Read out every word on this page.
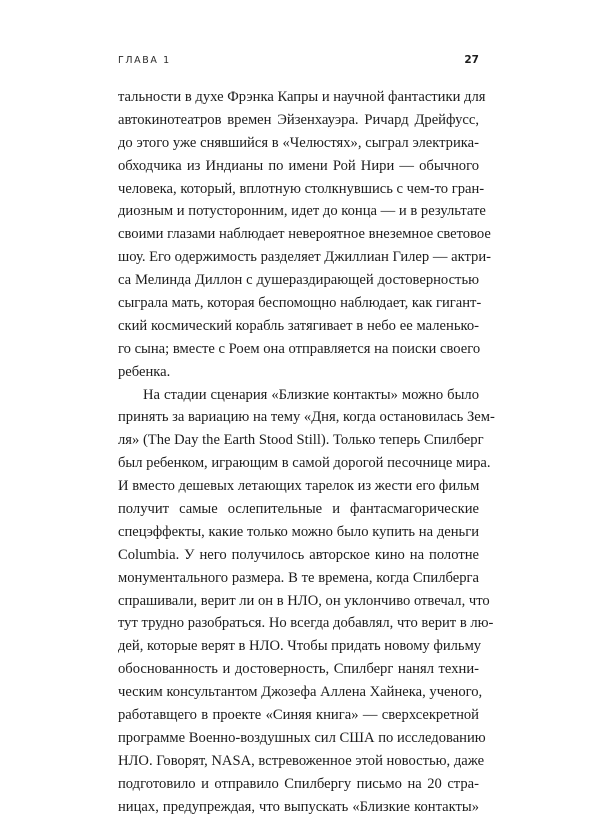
ГЛАВА 1	27
тальности в духе Фрэнка Капры и научной фантастики для
автокинотеатров времен Эйзенхауэра. Ричард Дрейфусс,
до этого уже снявшийся в «Челюстях», сыграл электрика-
обходчика из Индианы по имени Рой Нири — обычного
человека, который, вплотную столкнувшись с чем-то гран-
диозным и потусторонним, идет до конца — и в результате
своими глазами наблюдает невероятное внеземное световое
шоу. Его одержимость разделяет Джиллиан Гилер — актри-
са Мелинда Диллон с душераздирающей достоверностью
сыграла мать, которая беспомощно наблюдает, как гигант-
ский космический корабль затягивает в небо ее маленько-
го сына; вместе с Роем она отправляется на поиски своего
ребенка.
На стадии сценария «Близкие контакты» можно было
принять за вариацию на тему «Дня, когда остановилась Зем-
ля» (The Day the Earth Stood Still). Только теперь Спилберг
был ребенком, играющим в самой дорогой песочнице мира.
И вместо дешевых летающих тарелок из жести его фильм
получит самые ослепительные и фантасмагорические
спецэффекты, какие только можно было купить на деньги
Columbia. У него получилось авторское кино на полотне
монументального размера. В те времена, когда Спилберга
спрашивали, верит ли он в НЛО, он уклончиво отвечал, что
тут трудно разобраться. Но всегда добавлял, что верит в лю-
дей, которые верят в НЛО. Чтобы придать новому фильму
обоснованность и достоверность, Спилберг нанял техни-
ческим консультантом Джозефа Аллена Хайнека, ученого,
работавщего в проекте «Синяя книга» — сверхсекретной
программе Военно-воздушных сил США по исследованию
НЛО. Говорят, NASA, встревоженное этой новостью, даже
подготовило и отправило Спилбергу письмо на 20 стра-
ницах, предупреждая, что выпускать «Близкие контакты»
